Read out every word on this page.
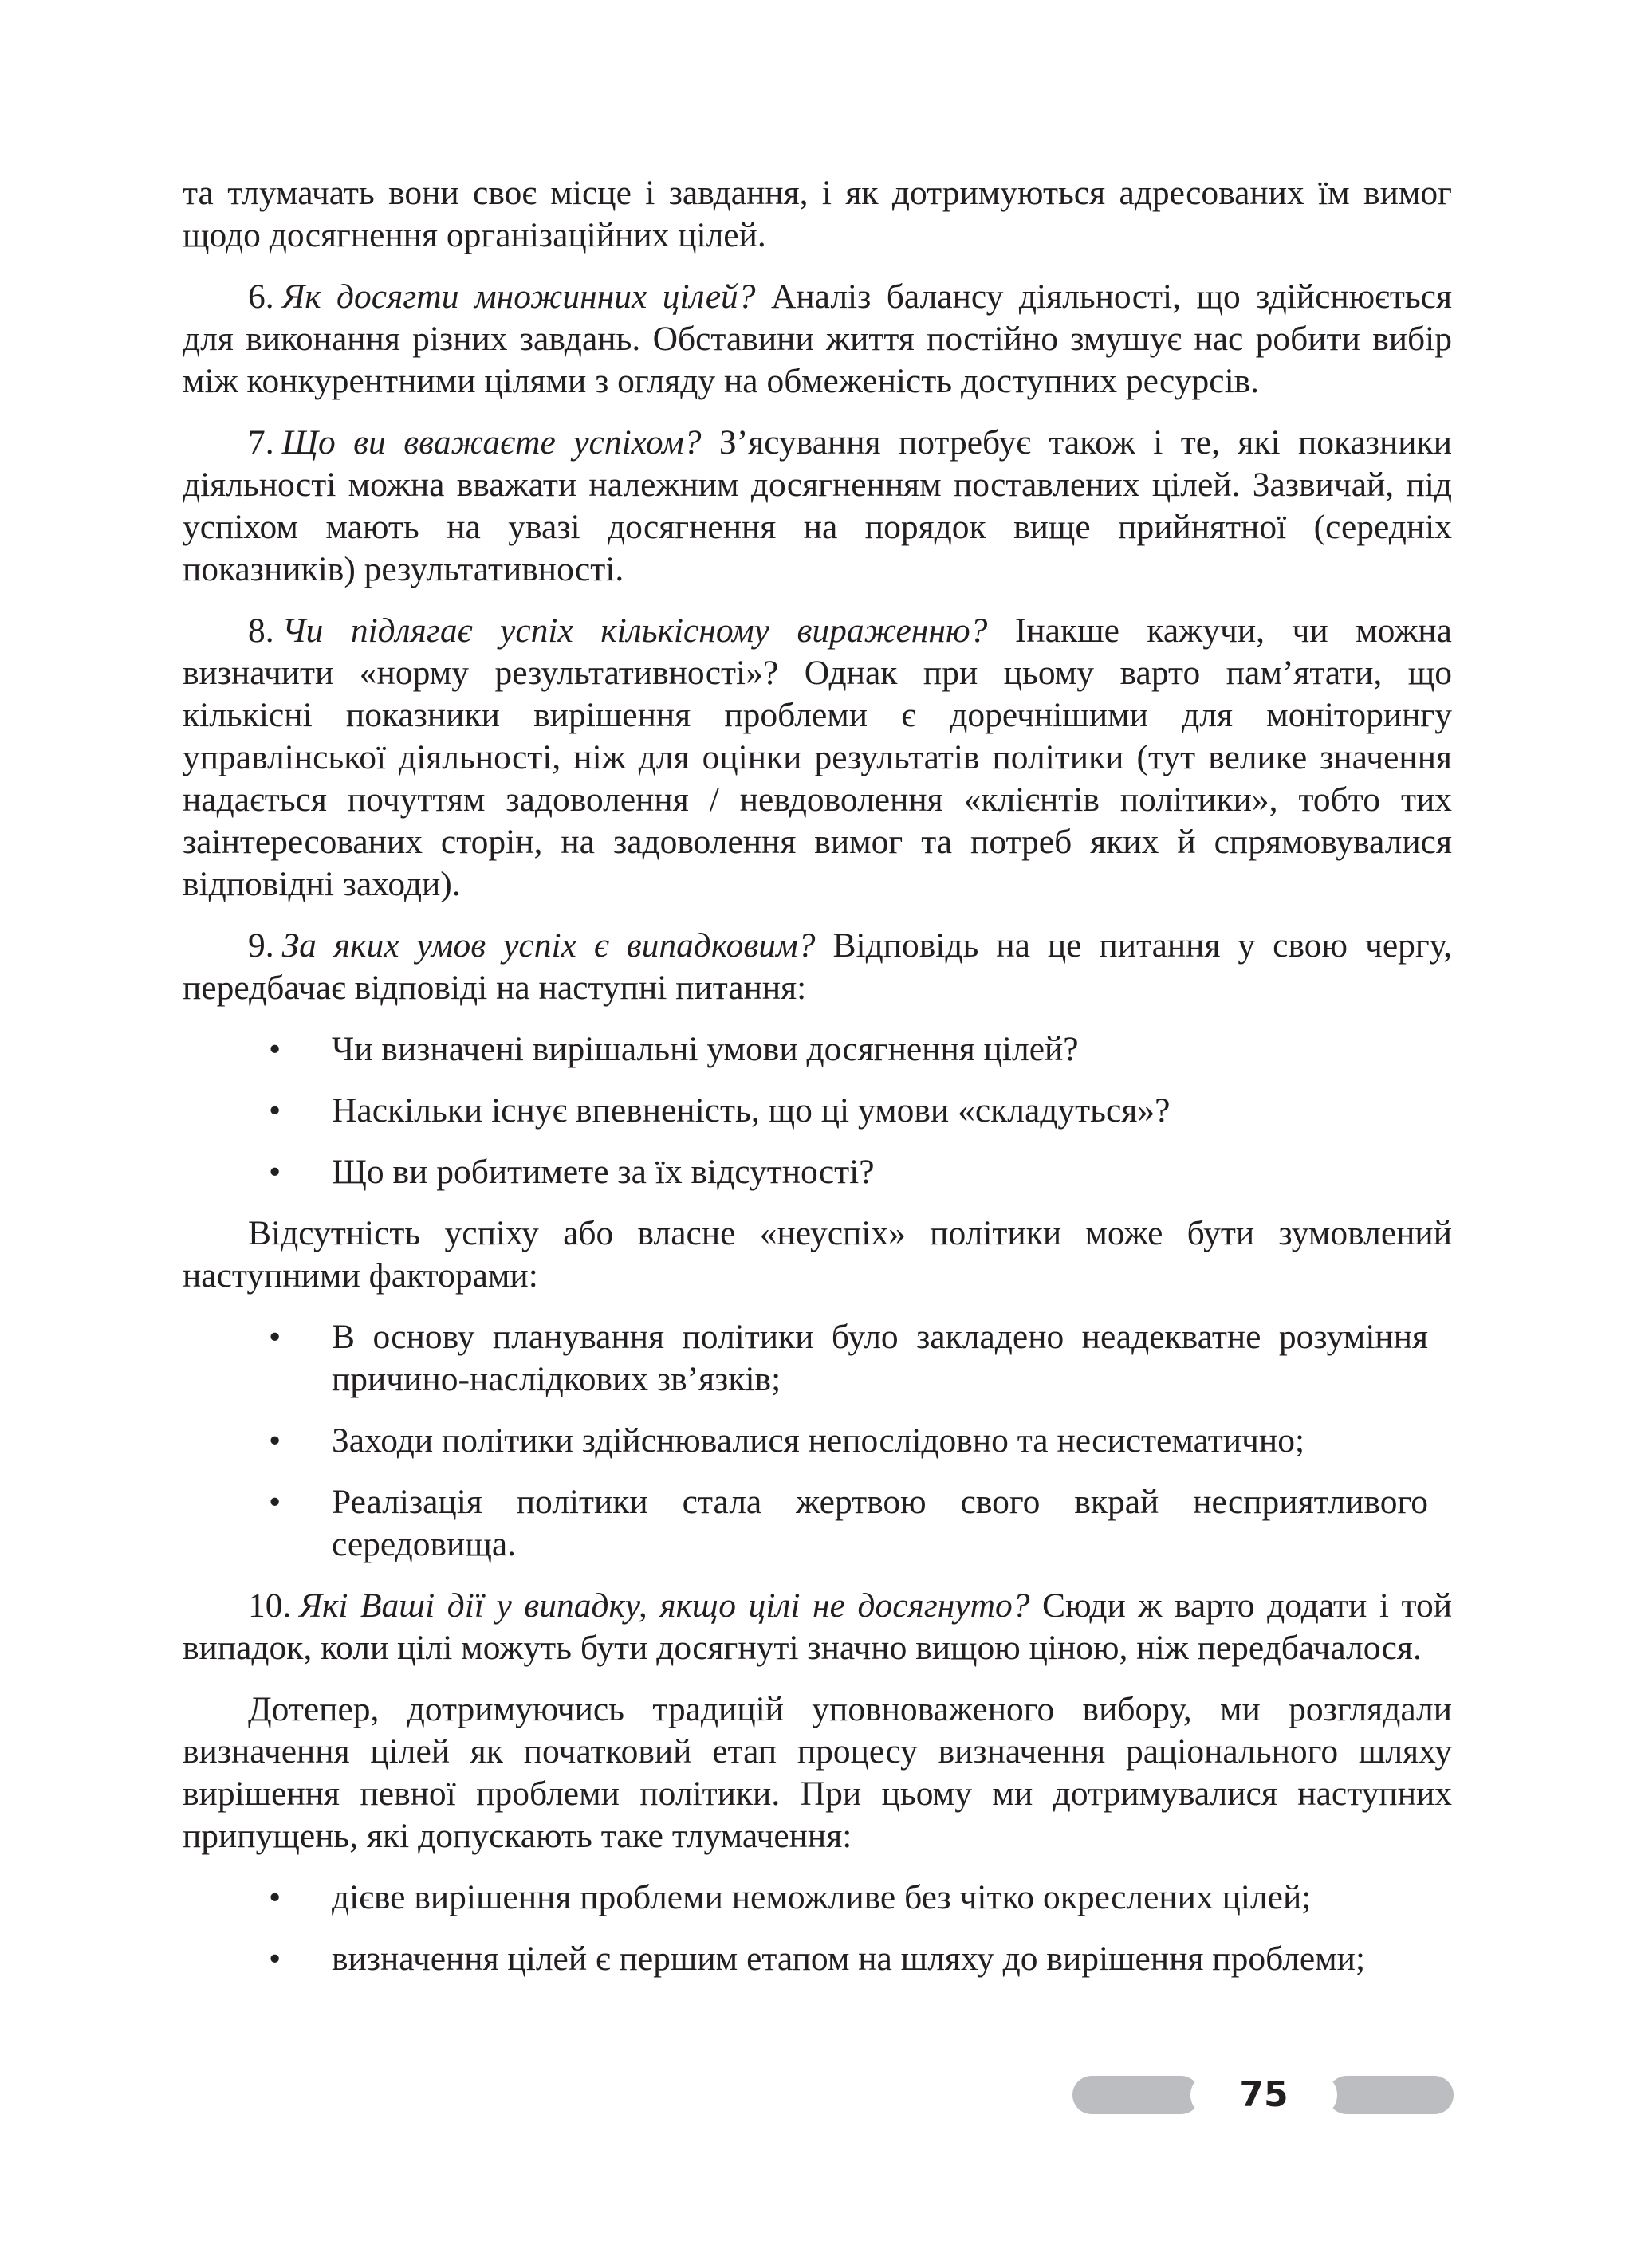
та тлумачать вони своє місце і завдання, і як дотримуються адресованих їм вимог щодо досягнення організаційних цілей.

6. Як досягти множинних цілей? Аналіз балансу діяльності, що здійснюється для виконання різних завдань. Обставини життя постійно змушує нас робити вибір між конкурентними цілями з огляду на обмеженість доступних ресурсів.

7. Що ви вважаєте успіхом? З’ясування потребує також і те, які показники діяльності можна вважати належним досягненням поставлених цілей. Зазвичай, під успіхом мають на увазі досягнення на порядок вище прийнятної (середніх показників) результативності.

8. Чи підлягає успіх кількісному вираженню? Інакше кажучи, чи можна визначити «норму результативності»? Однак при цьому варто пам’ятати, що кількісні показники вирішення проблеми є доречнішими для моніторингу управлінської діяльності, ніж для оцінки результатів політики (тут велике значення надається почуттям задоволення / невдоволення «клієнтів політики», тобто тих заінтересованих сторін, на задоволення вимог та потреб яких й спрямовувалися відповідні заходи).

9. За яких умов успіх є випадковим? Відповідь на це питання у свою чергу, передбачає відповіді на наступні питання:

• Чи визначені вирішальні умови досягнення цілей?
• Наскільки існує впевненість, що ці умови «складуться»?
• Що ви робитимете за їх відсутності?

Відсутність успіху або власне «неуспіх» політики може бути зумовлений наступними факторами:

• В основу планування політики було закладено неадекватне розуміння причино-наслідкових зв’язків;
• Заходи політики здійснювалися непослідовно та несистематично;
• Реалізація політики стала жертвою свого вкрай несприятливого середовища.

10. Які Ваші дії у випадку, якщо цілі не досягнуто? Сюди ж варто додати і той випадок, коли цілі можуть бути досягнуті значно вищою ціною, ніж передбачалося.

Дотепер, дотримуючись традицій уповноваженого вибору, ми розглядали визначення цілей як початковий етап процесу визначення раціонального шляху вирішення певної проблеми політики. При цьому ми дотримувалися наступних припущень, які допускають таке тлумачення:

• дієве вирішення проблеми неможливе без чітко окреслених цілей;
• визначення цілей є першим етапом на шляху до вирішення проблеми;
75
